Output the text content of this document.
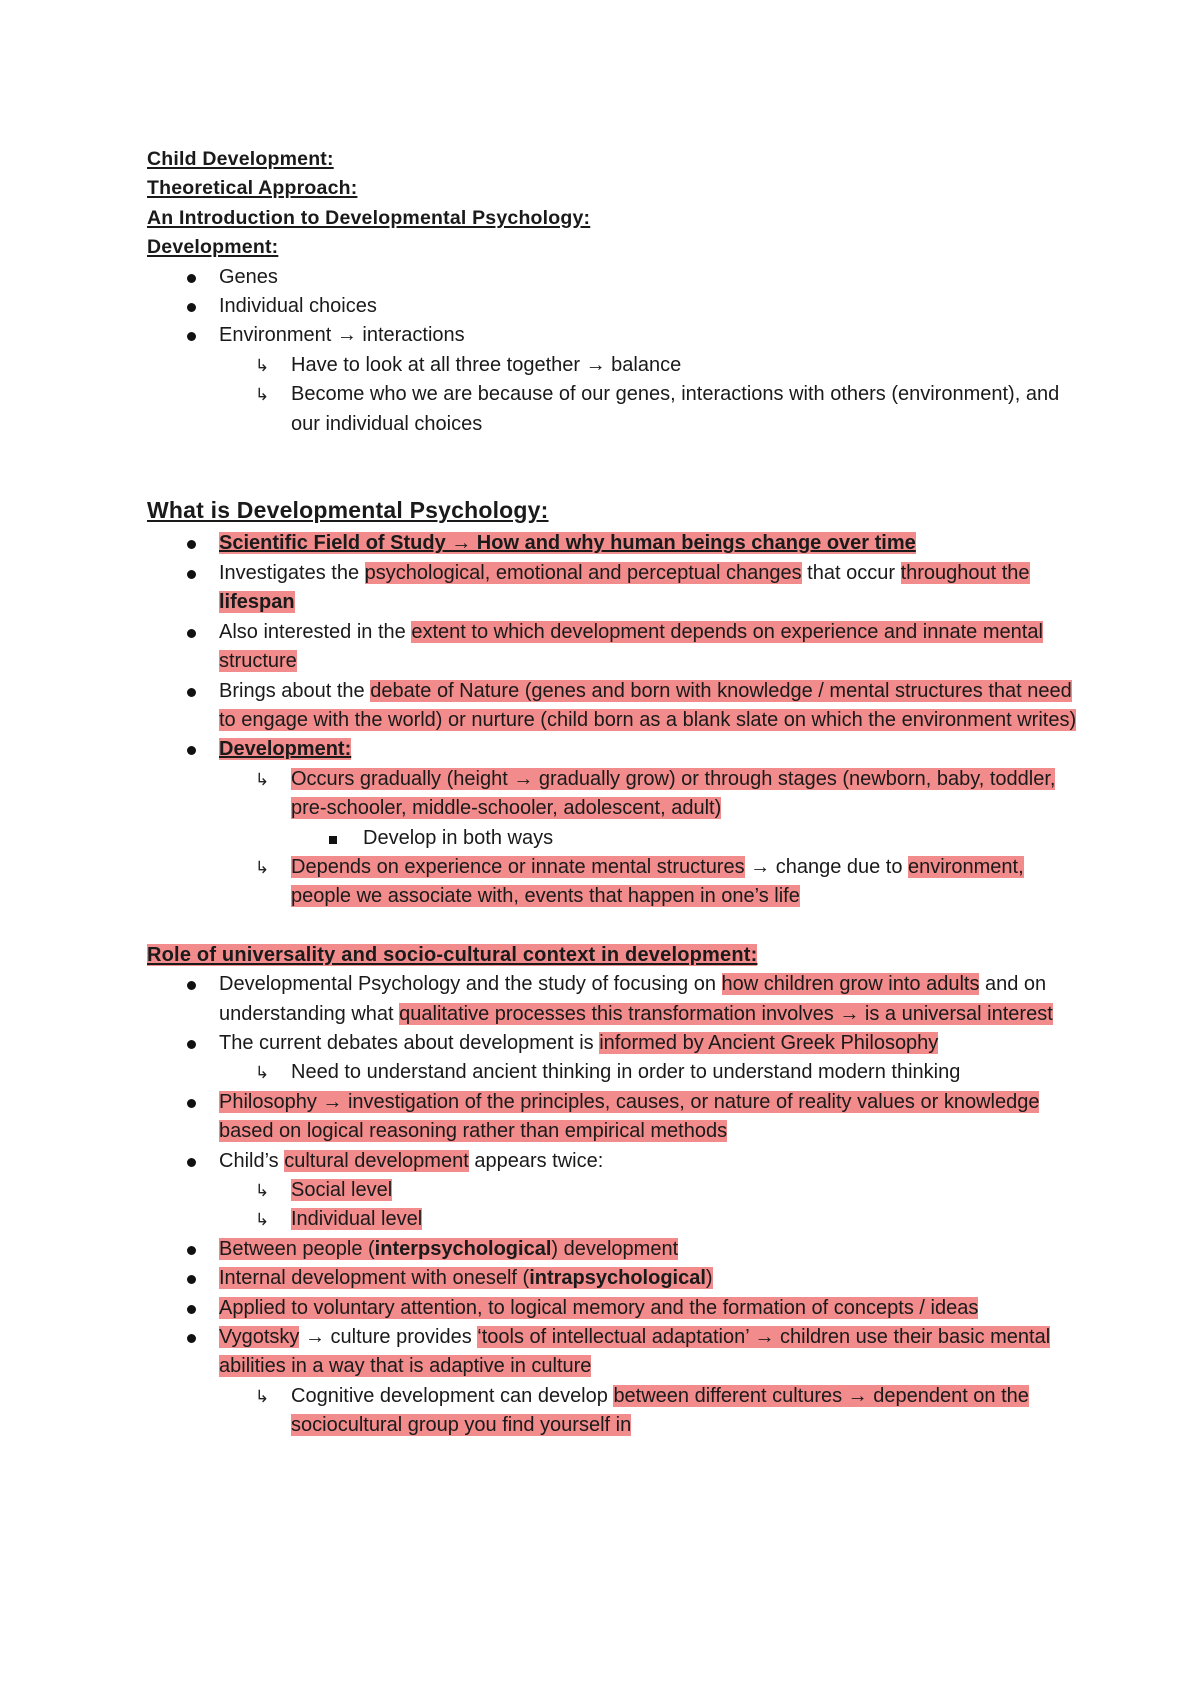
Child Development:
Theoretical Approach:
An Introduction to Developmental Psychology:
Development:
Genes
Individual choices
Environment → interactions
↳ Have to look at all three together → balance
↳ Become who we are because of our genes, interactions with others (environment), and our individual choices
What is Developmental Psychology:
Scientific Field of Study → How and why human beings change over time
Investigates the psychological, emotional and perceptual changes that occur throughout the lifespan
Also interested in the extent to which development depends on experience and innate mental structure
Brings about the debate of Nature (genes and born with knowledge / mental structures that need to engage with the world) or nurture (child born as a blank slate on which the environment writes)
Development:
↳ Occurs gradually (height → gradually grow) or through stages (newborn, baby, toddler, pre-schooler, middle-schooler, adolescent, adult)
Develop in both ways
↳ Depends on experience or innate mental structures → change due to environment, people we associate with, events that happen in one’s life
Role of universality and socio-cultural context in development:
Developmental Psychology and the study of focusing on how children grow into adults and on understanding what qualitative processes this transformation involves → is a universal interest
The current debates about development is informed by Ancient Greek Philosophy
↳ Need to understand ancient thinking in order to understand modern thinking
Philosophy → investigation of the principles, causes, or nature of reality values or knowledge based on logical reasoning rather than empirical methods
Child’s cultural development appears twice:
↳ Social level
↳ Individual level
Between people (interpsychological) development
Internal development with oneself (intrapsychological)
Applied to voluntary attention, to logical memory and the formation of concepts / ideas
Vygotsky → culture provides ‘tools of intellectual adaptation’ → children use their basic mental abilities in a way that is adaptive in culture
↳ Cognitive development can develop between different cultures → dependent on the sociocultural group you find yourself in
